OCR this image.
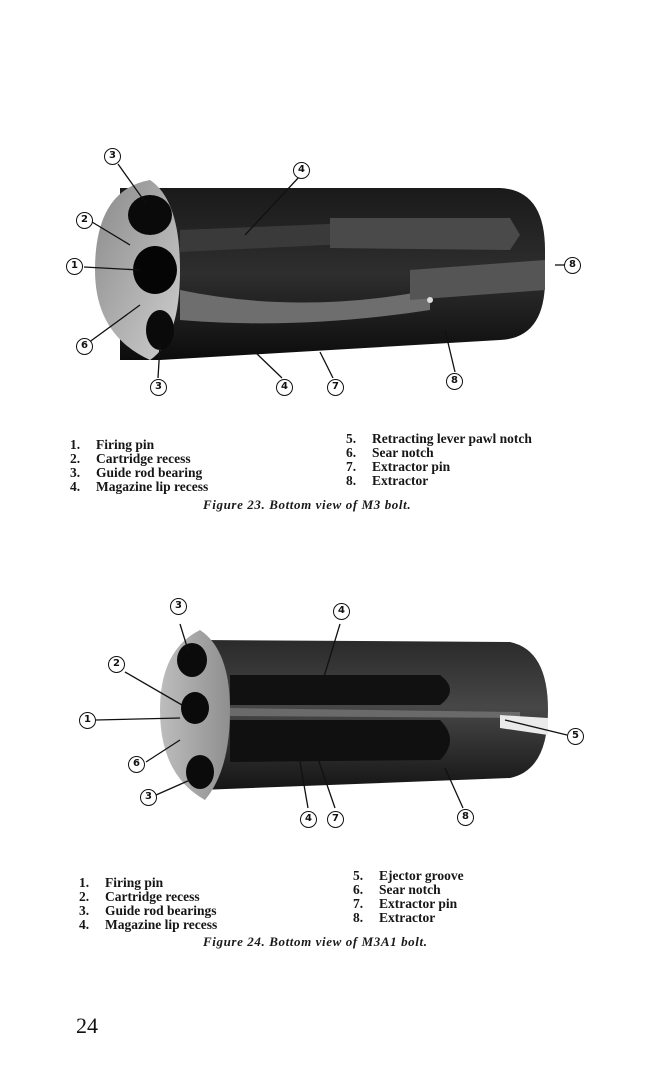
3
4
2
1	8
6
3	4	7
8
1. Firing pin
2. Cartridge recess
3. Guide rod bearing
4. Magazine lip recess
5. Retracting lever pawl notch
6. Sear notch
7. Extractor pin
8. Extractor
Figure 23. Bottom view of M3 bolt.
3	4
2
1
5
6
3
4	7	8
1. Firing pin
2. Cartridge recess
3. Guide rod bearings
4. Magazine lip recess
5. Ejector groove
6. Sear notch
7. Extractor pin
8. Extractor
Figure 24. Bottom view of M3A1 bolt.
24
